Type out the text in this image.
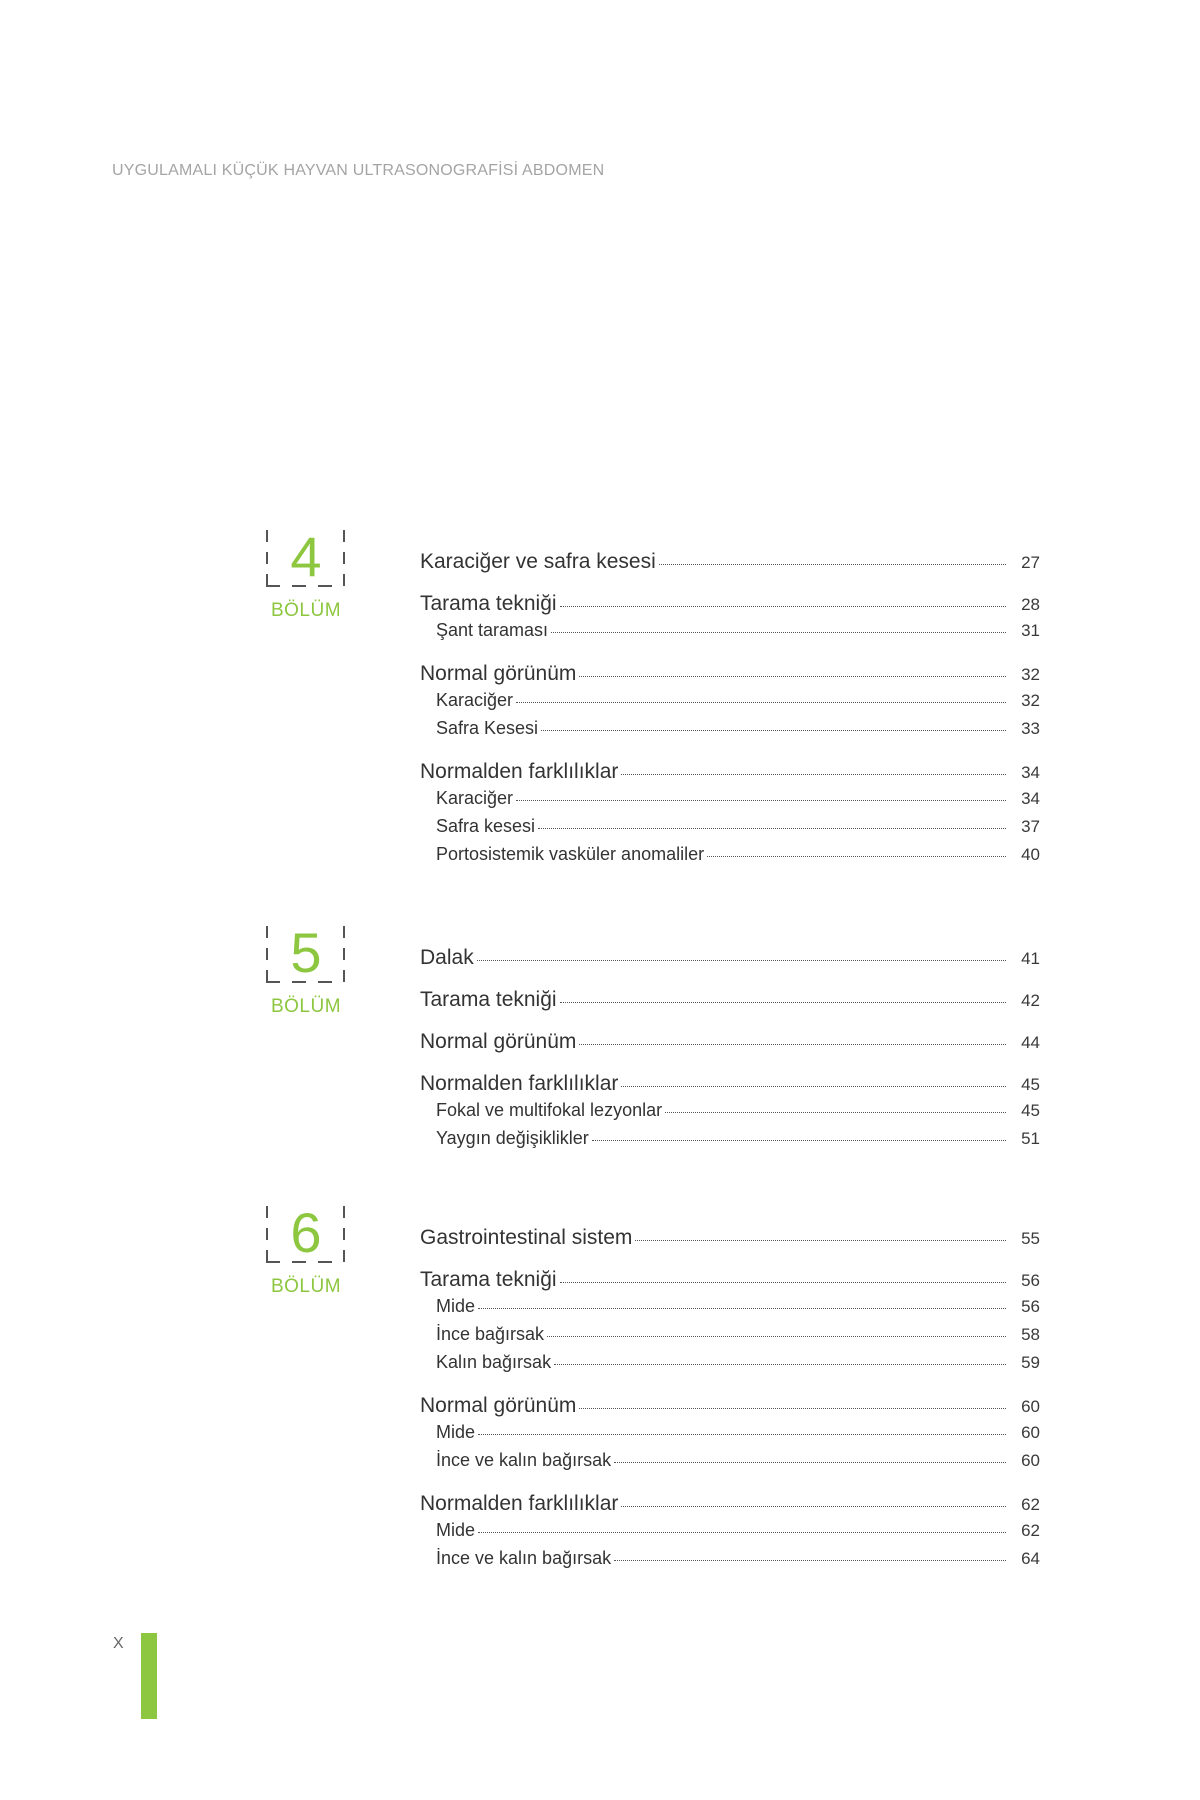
UYGULAMALI KÜÇÜK HAYVAN ULTRASONOGRAFİSİ ABDOMEN
4
BÖLÜM
Karaciğer ve safra kesesi	27
Tarama tekniği	28
Şant taraması	31
Normal görünüm	32
Karaciğer	32
Safra Kesesi	33
Normalden farklılıklar	34
Karaciğer	34
Safra kesesi	37
Portosistemik vasküler anomaliler	40
5
BÖLÜM
Dalak	41
Tarama tekniği	42
Normal görünüm	44
Normalden farklılıklar	45
Fokal ve multifokal lezyonlar	45
Yaygın değişiklikler	51
6
BÖLÜM
Gastrointestinal sistem	55
Tarama tekniği	56
Mide	56
İnce bağırsak	58
Kalın bağırsak	59
Normal görünüm	60
Mide	60
İnce ve kalın bağırsak	60
Normalden farklılıklar	62
Mide	62
İnce ve kalın bağırsak	64
X
